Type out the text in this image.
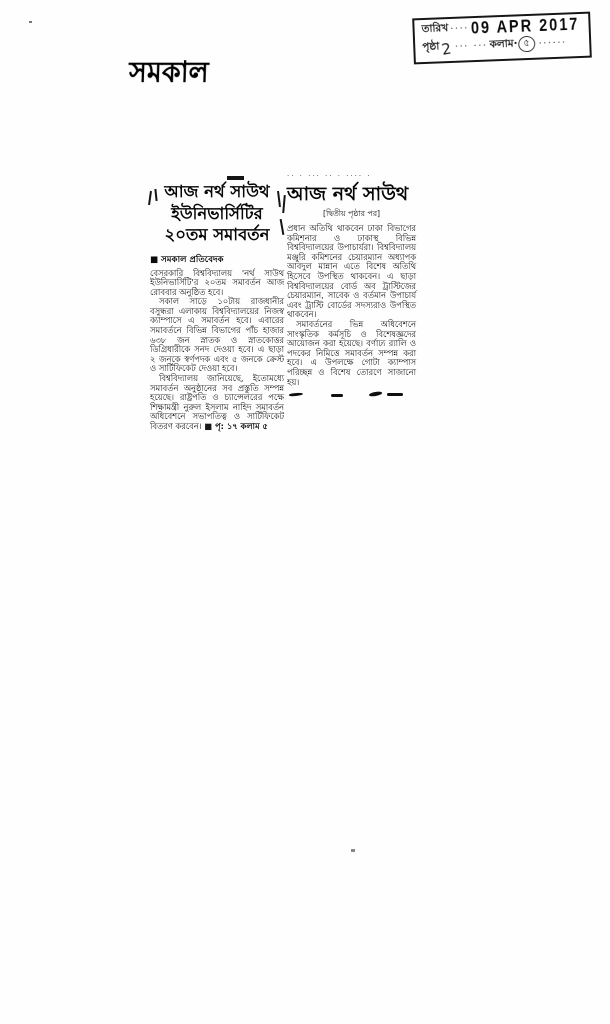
তারিখ ···· 09 APR 2017
পৃষ্ঠা 2 ··· ··· কলাম· ৫ ······
সমকাল
আজ নর্থ সাউথ
ইউনিভার্সিটির
২০তম সমাবর্তন
■ সমকাল প্রতিবেদক

বেসরকারি বিশ্ববিদ্যালয় 'নর্থ সাউথ ইউনিভার্সিটি'র ২০তম সমাবর্তন আজ রোববার অনুষ্ঠিত হবে।

সকাল সাড়ে ১০টায় রাজধানীর বসুন্ধরা এলাকায় বিশ্ববিদ্যালয়ের নিজস্ব ক্যাম্পাসে এ সমাবর্তন হবে। এবারের সমাবর্তনে বিভিন্ন বিভাগের পাঁচ হাজার ৬৩৮ জন স্নাতক ও স্নাতকোত্তর ডিগ্রিধারীকে সনদ দেওয়া হবে। এ ছাড়া ২ জনকে স্বর্ণপদক এবং ৫ জনকে ক্রেস্ট ও সার্টিফিকেট দেওয়া হবে।

বিশ্ববিদ্যালয় জানিয়েছে, ইতোমধ্যে সমাবর্তন অনুষ্ঠানের সব প্রস্তুতি সম্পন্ন হয়েছে। রাষ্ট্রপতি ও চ্যান্সেলরের পক্ষে শিক্ষামন্ত্রী নুরুল ইসলাম নাহিদ সমাবর্তন অধিবেশনে সভাপতিত্ব ও সার্টিফিকেট বিতরণ করবেন। ■ পৃ: ১৭ কলাম ৫

·· · ··· ·· · ···· ·
আজ নর্থ সাউথ
[দ্বিতীয় পৃষ্ঠার পর]

প্রধান অতিথি থাকবেন ঢাকা বিভাগের কমিশনার ও ঢাকাস্থ বিভিন্ন বিশ্ববিদ্যালয়ের উপাচার্যরা। বিশ্ববিদ্যালয় মঞ্জুরি কমিশনের চেয়ারম্যান অধ্যাপক আবদুল মান্নান এতে বিশেষ অতিথি হিসেবে উপস্থিত থাকবেন। এ ছাড়া বিশ্ববিদ্যালয়ের বোর্ড অব ট্রাস্টিজের চেয়ারম্যান, সাবেক ও বর্তমান উপাচার্য এবং ট্রাস্টি বোর্ডের সদস্যরাও উপস্থিত থাকবেন।

সমাবর্তনের ভিন্ন অধিবেশনে সাংস্কৃতিক কর্মসূচি ও বিশেষজ্ঞদের আয়োজন করা হয়েছে। বর্ণাঢ্য র‌্যালি ও পদকের নিমিত্তে সমাবর্তন সম্পন্ন করা হবে। এ উপলক্ষে গোটা ক্যাম্পাস পরিচ্ছন্ন ও বিশেষ তোরণে সাজানো হয়।
